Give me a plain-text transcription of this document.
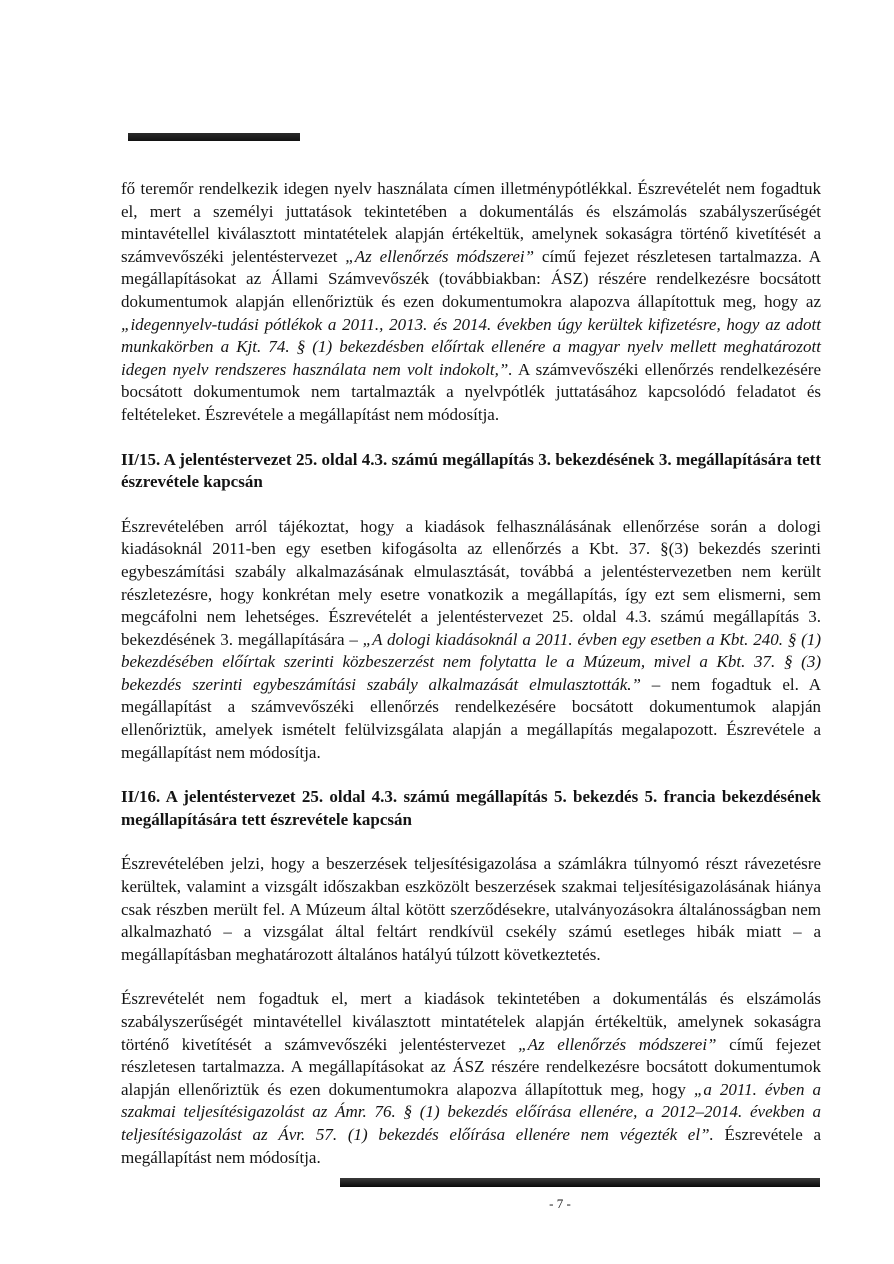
fő teremőr rendelkezik idegen nyelv használata címen illetménypótlékkal. Észrevételét nem fogadtuk el, mert a személyi juttatások tekintetében a dokumentálás és elszámolás szabályszerűségét mintavétellel kiválasztott mintatételek alapján értékeltük, amelynek sokaságra történő kivetítését a számvevőszéki jelentéstervezet „Az ellenőrzés módszerei” című fejezet részletesen tartalmazza. A megállapításokat az Állami Számvevőszék (továbbiakban: ÁSZ) részére rendelkezésre bocsátott dokumentumok alapján ellenőriztük és ezen dokumentumokra alapozva állapítottuk meg, hogy az „idegennyelv-tudási pótlékok a 2011., 2013. és 2014. években úgy kerültek kifizetésre, hogy az adott munkakörben a Kjt. 74. § (1) bekezdésben előírtak ellenére a magyar nyelv mellett meghatározott idegen nyelv rendszeres használata nem volt indokolt,”. A számvevőszéki ellenőrzés rendelkezésére bocsátott dokumentumok nem tartalmazták a nyelvpótlék juttatásához kapcsolódó feladatot és feltételeket. Észrevétele a megállapítást nem módosítja.

II/15. A jelentéstervezet 25. oldal 4.3. számú megállapítás 3. bekezdésének 3. megállapítására tett észrevétele kapcsán

Észrevételében arról tájékoztat, hogy a kiadások felhasználásának ellenőrzése során a dologi kiadásoknál 2011-ben egy esetben kifogásolta az ellenőrzés a Kbt. 37. §(3) bekezdés szerinti egybeszámítási szabály alkalmazásának elmulasztását, továbbá a jelentéstervezetben nem került részletezésre, hogy konkrétan mely esetre vonatkozik a megállapítás, így ezt sem elismerni, sem megcáfolni nem lehetséges. Észrevételét a jelentéstervezet 25. oldal 4.3. számú megállapítás 3. bekezdésének 3. megállapítására – „A dologi kiadásoknál a 2011. évben egy esetben a Kbt. 240. § (1) bekezdésében előírtak szerinti közbeszerzést nem folytatta le a Múzeum, mivel a Kbt. 37. § (3) bekezdés szerinti egybeszámítási szabály alkalmazását elmulasztották.” – nem fogadtuk el. A megállapítást a számvevőszéki ellenőrzés rendelkezésére bocsátott dokumentumok alapján ellenőriztük, amelyek ismételt felülvizsgálata alapján a megállapítás megalapozott. Észrevétele a megállapítást nem módosítja.

II/16. A jelentéstervezet 25. oldal 4.3. számú megállapítás 5. bekezdés 5. francia bekezdésének megállapítására tett észrevétele kapcsán

Észrevételében jelzi, hogy a beszerzések teljesítésigazolása a számlákra túlnyomó részt rávezetésre kerültek, valamint a vizsgált időszakban eszközölt beszerzések szakmai teljesítésigazolásának hiánya csak részben merült fel. A Múzeum által kötött szerződésekre, utalványozásokra általánosságban nem alkalmazható – a vizsgálat által feltárt rendkívül csekély számú esetleges hibák miatt – a megállapításban meghatározott általános hatályú túlzott következtetés.

Észrevételét nem fogadtuk el, mert a kiadások tekintetében a dokumentálás és elszámolás szabályszerűségét mintavétellel kiválasztott mintatételek alapján értékeltük, amelynek sokaságra történő kivetítését a számvevőszéki jelentéstervezet „Az ellenőrzés módszerei” című fejezet részletesen tartalmazza. A megállapításokat az ÁSZ részére rendelkezésre bocsátott dokumentumok alapján ellenőriztük és ezen dokumentumokra alapozva állapítottuk meg, hogy „a 2011. évben a szakmai teljesítésigazolást az Ámr. 76. § (1) bekezdés előírása ellenére, a 2012–2014. években a teljesítésigazolást az Ávr. 57. (1) bekezdés előírása ellenére nem végezték el”. Észrevétele a megállapítást nem módosítja.

- 7 -
